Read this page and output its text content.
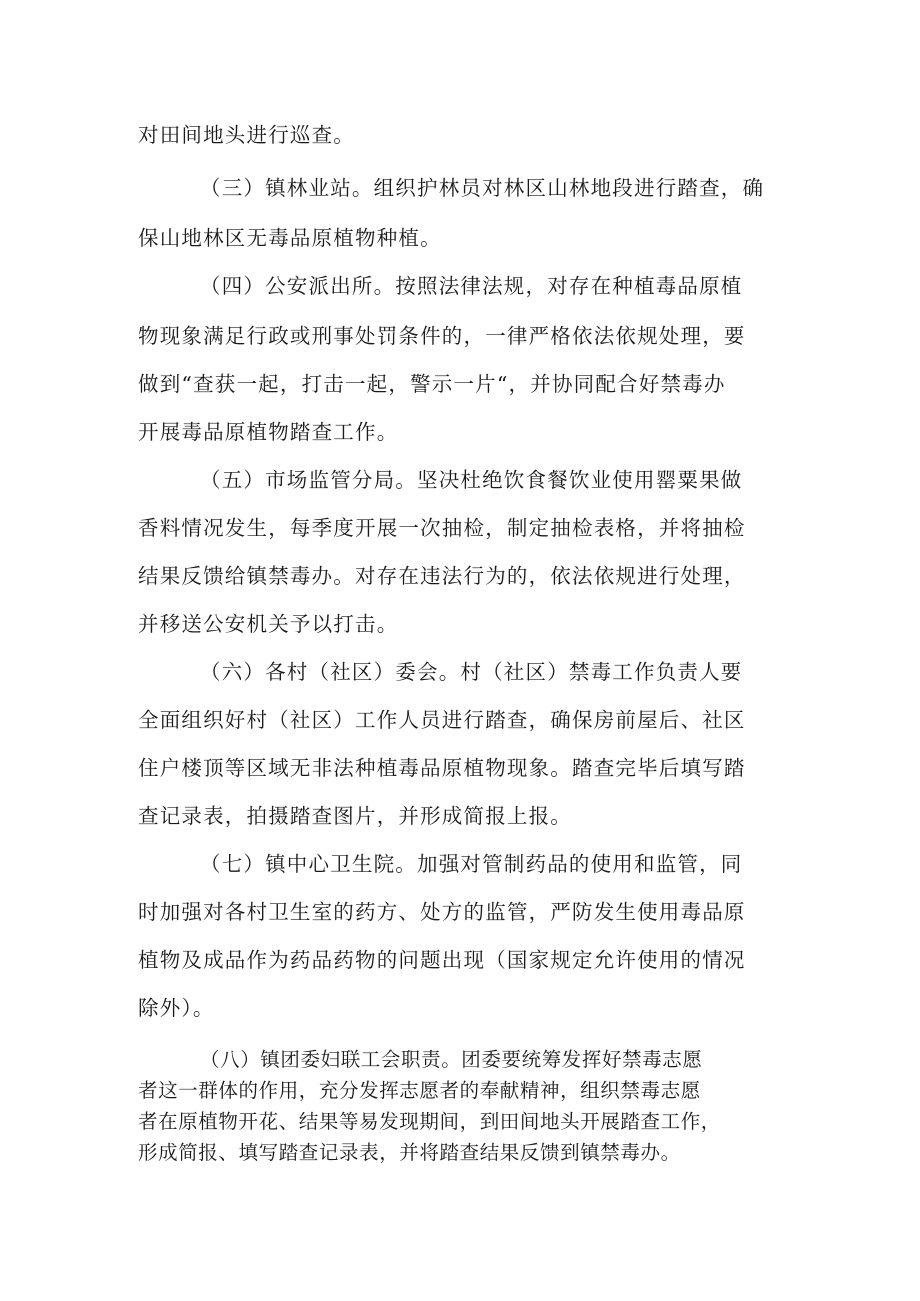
对田间地头进行巡查。
（三）镇林业站。组织护林员对林区山林地段进行踏查，确
保山地林区无毒品原植物种植。
（四）公安派出所。按照法律法规，对存在种植毒品原植
物现象满足行政或刑事处罚条件的，一律严格依法依规处理，要
做到“查获一起，打击一起，警示一片“，并协同配合好禁毒办
开展毒品原植物踏查工作。
（五）市场监管分局。坚决杜绝饮食餐饮业使用罂粟果做
香料情况发生，每季度开展一次抽检，制定抽检表格，并将抽检
结果反馈给镇禁毒办。对存在违法行为的，依法依规进行处理，
并移送公安机关予以打击。
（六）各村（社区）委会。村（社区）禁毒工作负责人要
全面组织好村（社区）工作人员进行踏查，确保房前屋后、社区
住户楼顶等区域无非法种植毒品原植物现象。踏查完毕后填写踏
查记录表，拍摄踏查图片，并形成简报上报。
（七）镇中心卫生院。加强对管制药品的使用和监管，同
时加强对各村卫生室的药方、处方的监管，严防发生使用毒品原
植物及成品作为药品药物的问题出现（国家规定允许使用的情况
除外）。
（八）镇团委妇联工会职责。团委要统筹发挥好禁毒志愿
者这一群体的作用，充分发挥志愿者的奉献精神，组织禁毒志愿
者在原植物开花、结果等易发现期间，到田间地头开展踏查工作，
形成简报、填写踏查记录表，并将踏查结果反馈到镇禁毒办。
